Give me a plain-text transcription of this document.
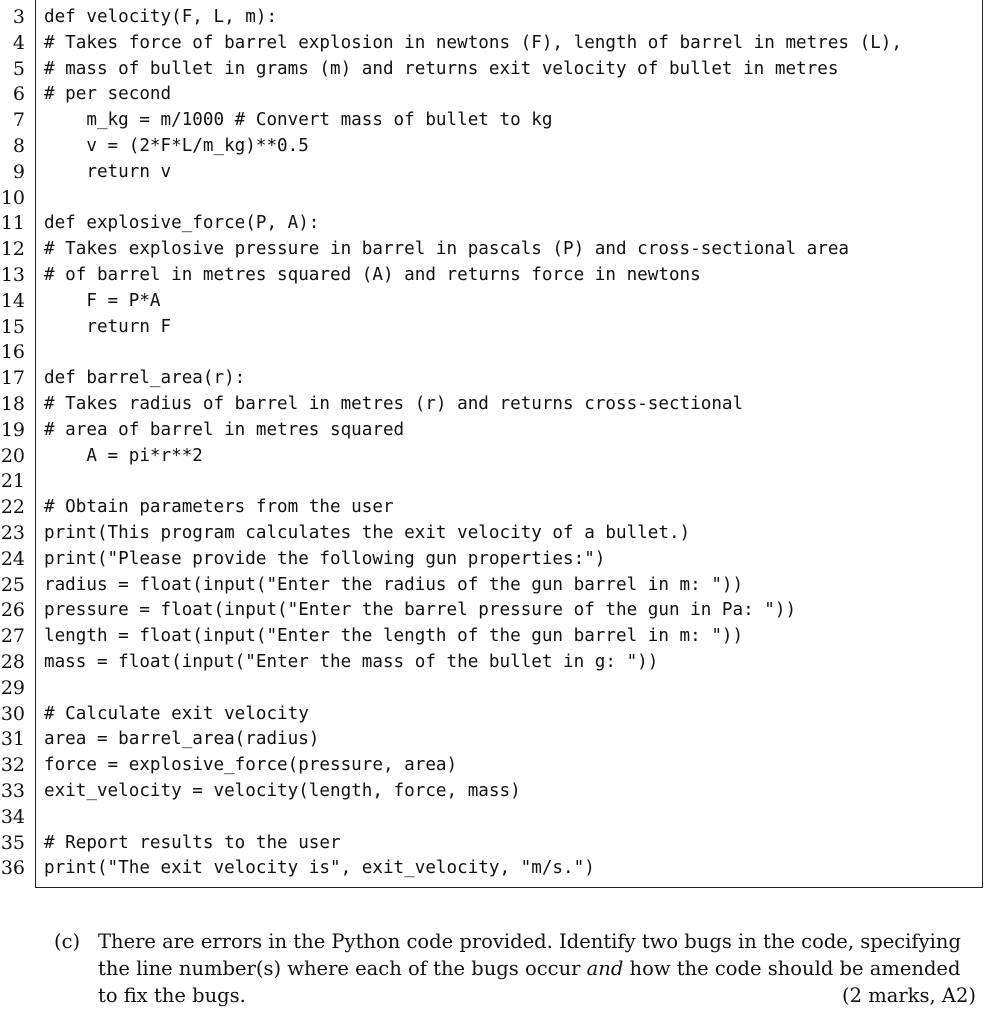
3 def velocity(F, L, m):
4 # Takes force of barrel explosion in newtons (F), length of barrel in metres (L),
5 # mass of bullet in grams (m) and returns exit velocity of bullet in metres
6 # per second
7 m_kg = m/1000 # Convert mass of bullet to kg
8 v = (2*F*L/m_kg)**0.5
9 return v
10
11 def explosive_force(P, A):
12 # Takes explosive pressure in barrel in pascals (P) and cross-sectional area
13 # of barrel in metres squared (A) and returns force in newtons
14 F = P*A
15 return F
16
17 def barrel_area(r):
18 # Takes radius of barrel in metres (r) and returns cross-sectional
19 # area of barrel in metres squared
20 A = pi*r**2
21
22 # Obtain parameters from the user
23 print(This program calculates the exit velocity of a bullet.)
24 print("Please provide the following gun properties:")
25 radius = float(input("Enter the radius of the gun barrel in m: "))
26 pressure = float(input("Enter the barrel pressure of the gun in Pa: "))
27 length = float(input("Enter the length of the gun barrel in m: "))
28 mass = float(input("Enter the mass of the bullet in g: "))
29
30 # Calculate exit velocity
31 area = barrel_area(radius)
32 force = explosive_force(pressure, area)
33 exit_velocity = velocity(length, force, mass)
34
35 # Report results to the user
36 print("The exit velocity is", exit_velocity, "m/s.")
(c) There are errors in the Python code provided. Identify two bugs in the code, specifying the line number(s) where each of the bugs occur and how the code should be amended to fix the bugs.	(2 marks, A2)
